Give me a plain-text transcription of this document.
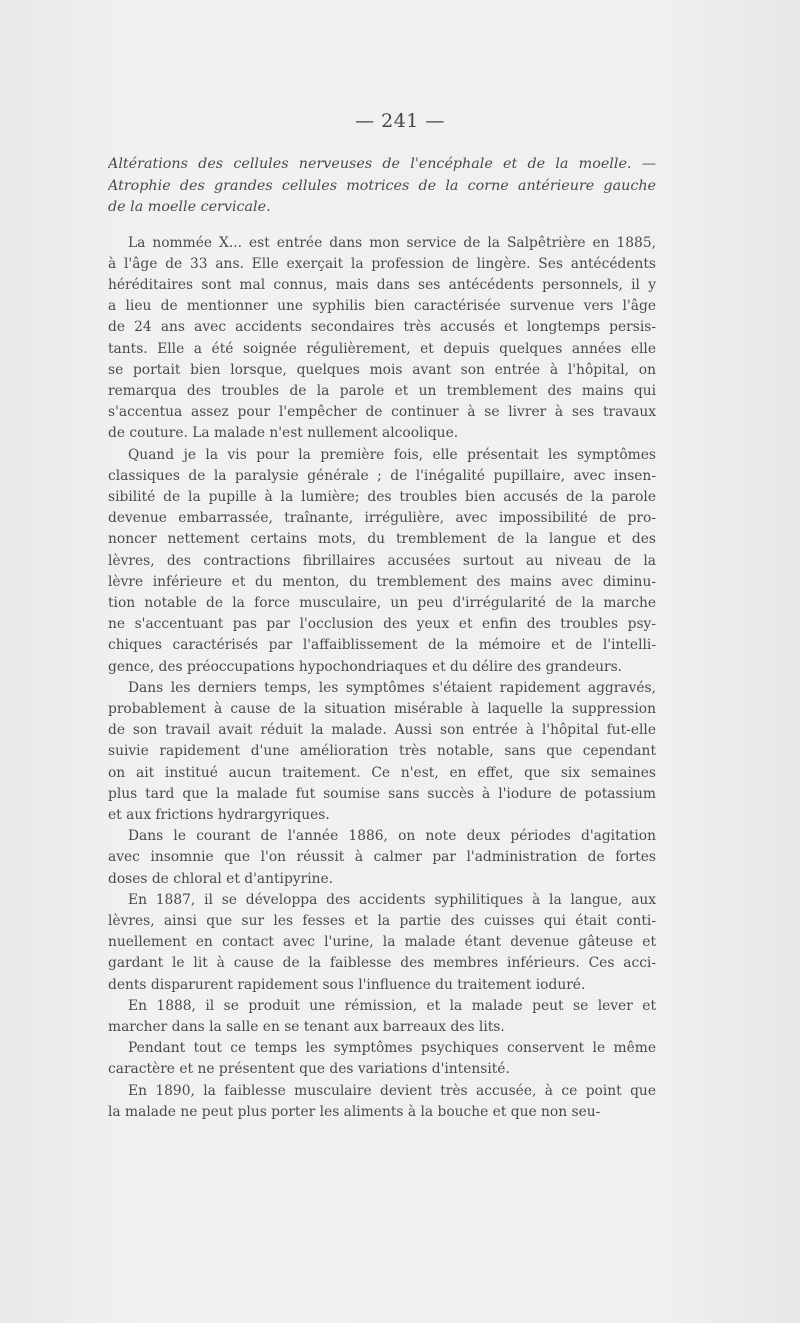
— 241 —
Altérations des cellules nerveuses de l'encéphale et de la moelle. —
Atrophie des grandes cellules motrices de la corne antérieure gauche
de la moelle cervicale.

La nommée X... est entrée dans mon service de la Salpêtrière en 1885,
à l'âge de 33 ans. Elle exerçait la profession de lingère. Ses antécédents
héréditaires sont mal connus, mais dans ses antécédents personnels, il y
a lieu de mentionner une syphilis bien caractérisée survenue vers l'âge
de 24 ans avec accidents secondaires très accusés et longtemps persis-
tants. Elle a été soignée régulièrement, et depuis quelques années elle
se portait bien lorsque, quelques mois avant son entrée à l'hôpital, on
remarqua des troubles de la parole et un tremblement des mains qui
s'accentua assez pour l'empêcher de continuer à se livrer à ses travaux
de couture. La malade n'est nullement alcoolique.

Quand je la vis pour la première fois, elle présentait les symptômes
classiques de la paralysie générale ; de l'inégalité pupillaire, avec insen-
sibilité de la pupille à la lumière; des troubles bien accusés de la parole
devenue embarrassée, traînante, irrégulière, avec impossibilité de pro-
noncer nettement certains mots, du tremblement de la langue et des
lèvres, des contractions fibrillaires accusées surtout au niveau de la
lèvre inférieure et du menton, du tremblement des mains avec diminu-
tion notable de la force musculaire, un peu d'irrégularité de la marche
ne s'accentuant pas par l'occlusion des yeux et enfin des troubles psy-
chiques caractérisés par l'affaiblissement de la mémoire et de l'intelli-
gence, des préoccupations hypochondriaques et du délire des grandeurs.

Dans les derniers temps, les symptômes s'étaient rapidement aggravés,
probablement à cause de la situation misérable à laquelle la suppression
de son travail avait réduit la malade. Aussi son entrée à l'hôpital fut-elle
suivie rapidement d'une amélioration très notable, sans que cependant
on ait institué aucun traitement. Ce n'est, en effet, que six semaines
plus tard que la malade fut soumise sans succès à l'iodure de potassium
et aux frictions hydrargyriques.

Dans le courant de l'année 1886, on note deux périodes d'agitation
avec insomnie que l'on réussit à calmer par l'administration de fortes
doses de chloral et d'antipyrine.

En 1887, il se développa des accidents syphilitiques à la langue, aux
lèvres, ainsi que sur les fesses et la partie des cuisses qui était conti-
nuellement en contact avec l'urine, la malade étant devenue gâteuse et
gardant le lit à cause de la faiblesse des membres inférieurs. Ces acci-
dents disparurent rapidement sous l'influence du traitement ioduré.

En 1888, il se produit une rémission, et la malade peut se lever et
marcher dans la salle en se tenant aux barreaux des lits.

Pendant tout ce temps les symptômes psychiques conservent le même
caractère et ne présentent que des variations d'intensité.

En 1890, la faiblesse musculaire devient très accusée, à ce point que
la malade ne peut plus porter les aliments à la bouche et que non seu-
